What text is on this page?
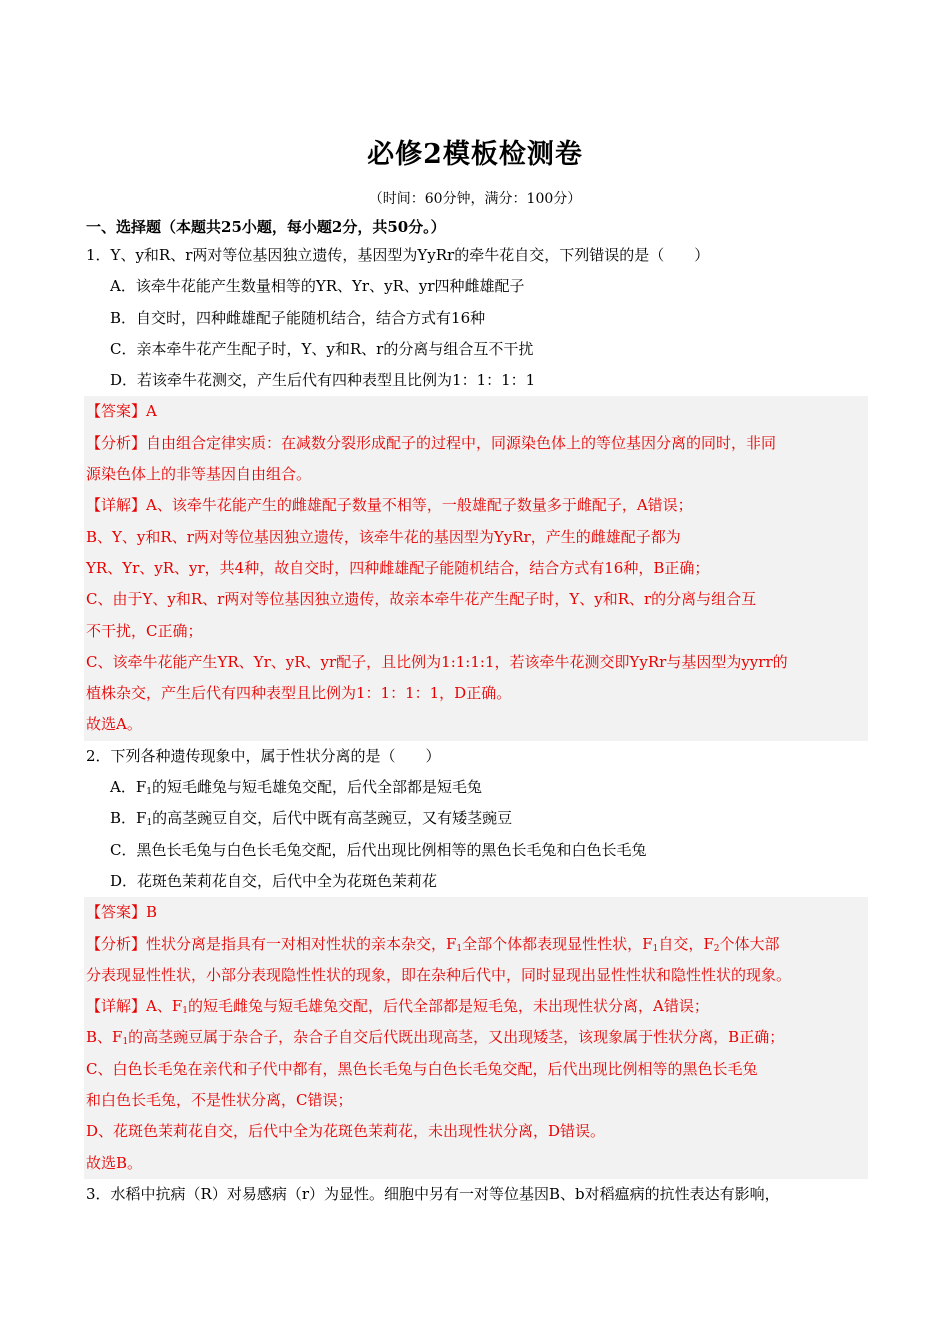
必修2模板检测卷
（时间：60分钟，满分：100分）
一、选择题（本题共25小题，每小题2分，共50分。）
1．Y、y和R、r两对等位基因独立遗传，基因型为YyRr的牵牛花自交，下列错误的是（　　）
A．该牵牛花能产生数量相等的YR、Yr、yR、yr四种雌雄配子
B．自交时，四种雌雄配子能随机结合，结合方式有16种
C．亲本牵牛花产生配子时，Y、y和R、r的分离与组合互不干扰
D．若该牵牛花测交，产生后代有四种表型且比例为1：1：1：1
【答案】A
【分析】自由组合定律实质：在减数分裂形成配子的过程中，同源染色体上的等位基因分离的同时，非同
源染色体上的非等基因自由组合。
【详解】A、该牵牛花能产生的雌雄配子数量不相等，一般雄配子数量多于雌配子，A错误；
B、Y、y和R、r两对等位基因独立遗传，该牵牛花的基因型为YyRr，产生的雌雄配子都为
YR、Yr、yR、yr，共4种，故自交时，四种雌雄配子能随机结合，结合方式有16种，B正确；
C、由于Y、y和R、r两对等位基因独立遗传，故亲本牵牛花产生配子时，Y、y和R、r的分离与组合互
不干扰，C正确；
C、该牵牛花能产生YR、Yr、yR、yr配子，且比例为1:1:1:1，若该牵牛花测交即YyRr与基因型为yyrr的
植株杂交，产生后代有四种表型且比例为1：1：1：1，D正确。
故选A。
2．下列各种遗传现象中，属于性状分离的是（　　）
A．$F_1$的短毛雌兔与短毛雄兔交配，后代全部都是短毛兔
B．$F_1$的高茎豌豆自交，后代中既有高茎豌豆，又有矮茎豌豆
C．黑色长毛兔与白色长毛兔交配，后代出现比例相等的黑色长毛兔和白色长毛兔
D．花斑色茉莉花自交，后代中全为花斑色茉莉花
【答案】B
【分析】性状分离是指具有一对相对性状的亲本杂交，$F_1$全部个体都表现显性性状，$F_1$自交，$F_2$个体大部
分表现显性性状，小部分表现隐性性状的现象，即在杂种后代中，同时显现出显性性状和隐性性状的现象。
【详解】A、$F_1$的短毛雌兔与短毛雄兔交配，后代全部都是短毛兔，未出现性状分离，A错误；
B、$F_1$的高茎豌豆属于杂合子，杂合子自交后代既出现高茎，又出现矮茎，该现象属于性状分离，B正确；
C、白色长毛兔在亲代和子代中都有，黑色长毛兔与白色长毛兔交配，后代出现比例相等的黑色长毛兔
和白色长毛兔，不是性状分离，C错误；
D、花斑色茉莉花自交，后代中全为花斑色茉莉花，未出现性状分离，D错误。
故选B。
3．水稻中抗病（R）对易感病（r）为显性。细胞中另有一对等位基因B、b对稻瘟病的抗性表达有影响，
